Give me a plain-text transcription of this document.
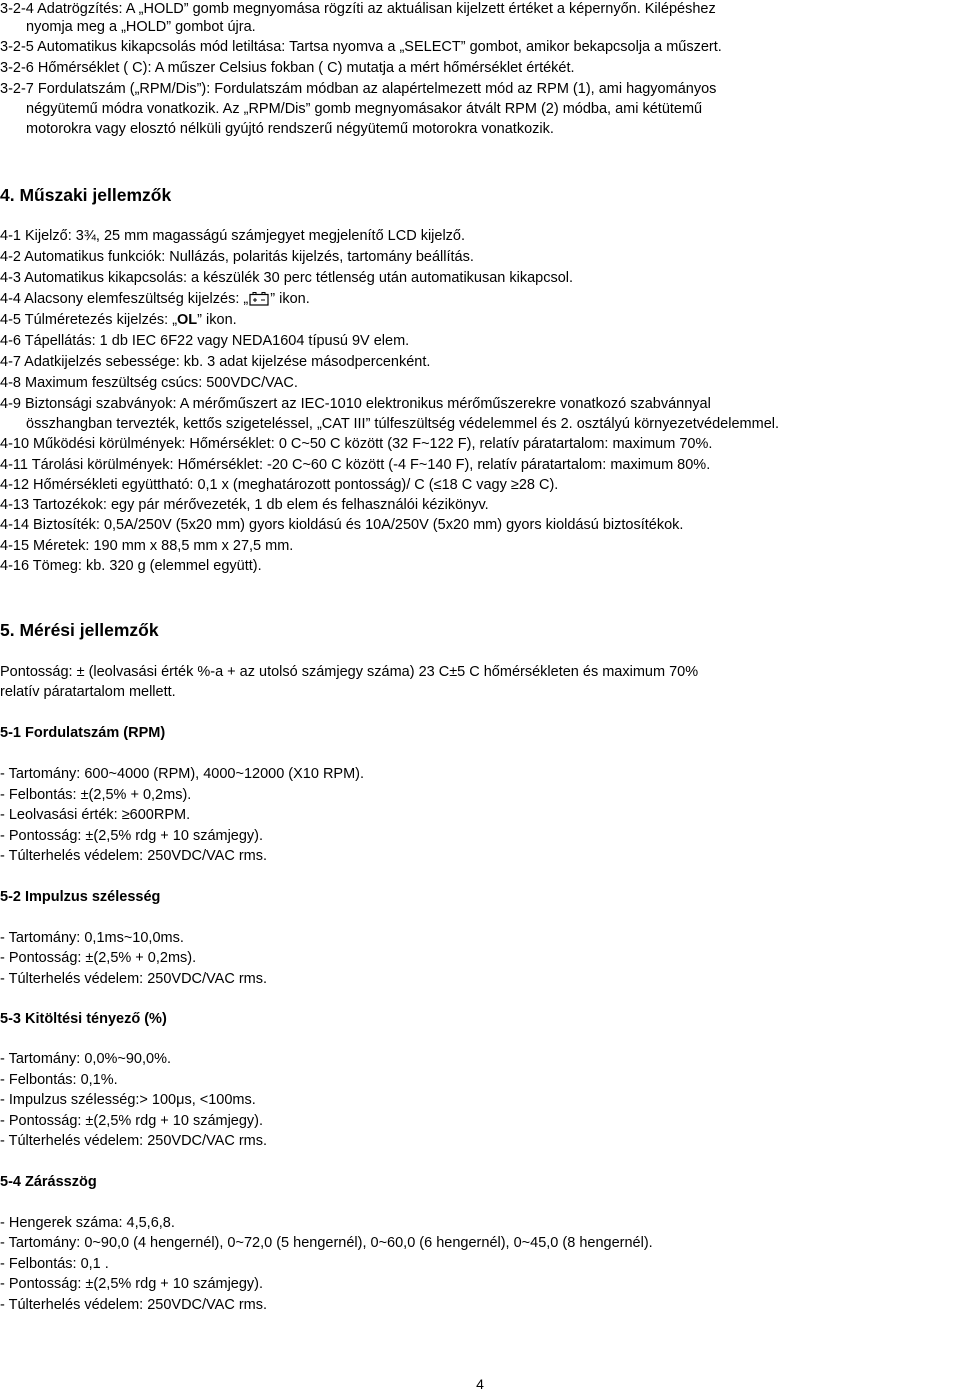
3-2-4 Adatrögzítés: A „HOLD” gomb megnyomása rögzíti az aktuálisan kijelzett értéket a képernyőn. Kilépéshez

nyomja meg a „HOLD” gombot újra.

3-2-5 Automatikus kikapcsolás mód letiltása: Tartsa nyomva a „SELECT” gombot, amikor bekapcsolja a műszert.

3-2-6 Hőmérséklet ( C): A műszer Celsius fokban ( C) mutatja a mért hőmérséklet értékét.

3-2-7 Fordulatszám („RPM/Dis”): Fordulatszám módban az alapértelmezett mód az RPM (1), ami hagyományos

négyütemű módra vonatkozik. Az „RPM/Dis” gomb megnyomásakor átvált RPM (2) módba, ami kétütemű

motorokra vagy elosztó nélküli gyújtó rendszerű négyütemű motorokra vonatkozik.

4. Műszaki jellemzők

4-1 Kijelző: 3¾, 25 mm magasságú számjegyet megjelenítő LCD kijelző.

4-2 Automatikus funkciók: Nullázás, polaritás kijelzés, tartomány beállítás.

4-3 Automatikus kikapcsolás: a készülék 30 perc tétlenség után automatikusan kikapcsol.

4-4 Alacsony elemfeszültség kijelzés: „ ” ikon.

4-5 Túlméretezés kijelzés: „OL” ikon.

4-6 Tápellátás: 1 db IEC 6F22 vagy NEDA1604 típusú 9V elem.

4-7 Adatkijelzés sebessége: kb. 3 adat kijelzése másodpercenként.

4-8 Maximum feszültség csúcs: 500VDC/VAC.

4-9 Biztonsági szabványok: A mérőműszert az IEC-1010 elektronikus mérőműszerekre vonatkozó szabvánnyal

összhangban tervezték, kettős szigeteléssel, „CAT III” túlfeszültség védelemmel és 2. osztályú környezetvédelemmel.

4-10 Működési körülmények: Hőmérséklet: 0 C~50 C között (32 F~122 F), relatív páratartalom: maximum 70%.

4-11 Tárolási körülmények: Hőmérséklet: -20 C~60 C között (-4 F~140 F), relatív páratartalom: maximum 80%.

4-12 Hőmérsékleti együttható: 0,1 x (meghatározott pontosság)/ C (≤18 C vagy ≥28 C).

4-13 Tartozékok: egy pár mérővezeték, 1 db elem és felhasználói kézikönyv.

4-14 Biztosíték: 0,5A/250V (5x20 mm) gyors kioldású és 10A/250V (5x20 mm) gyors kioldású biztosítékok.

4-15 Méretek: 190 mm x 88,5 mm x 27,5 mm.

4-16 Tömeg: kb. 320 g (elemmel együtt).

5. Mérési jellemzők

Pontosság: ± (leolvasási érték %-a + az utolsó számjegy száma) 23 C±5 C hőmérsékleten és maximum 70%

relatív páratartalom mellett.

5-1 Fordulatszám (RPM)

- Tartomány: 600~4000 (RPM), 4000~12000 (X10 RPM).

- Felbontás: ±(2,5% + 0,2ms).

- Leolvasási érték: ≥600RPM.

- Pontosság: ±(2,5% rdg + 10 számjegy).

- Túlterhelés védelem: 250VDC/VAC rms.

5-2 Impulzus szélesség

- Tartomány: 0,1ms~10,0ms.

- Pontosság: ±(2,5% + 0,2ms).

- Túlterhelés védelem: 250VDC/VAC rms.

5-3 Kitöltési tényező (%)

- Tartomány: 0,0%~90,0%.

- Felbontás: 0,1%.

- Impulzus szélesség:> 100μs, <100ms.

- Pontosság: ±(2,5% rdg + 10 számjegy).

- Túlterhelés védelem: 250VDC/VAC rms.

5-4 Zárásszög

- Hengerek száma: 4,5,6,8.

- Tartomány: 0~90,0 (4 hengernél), 0~72,0 (5 hengernél), 0~60,0 (6 hengernél), 0~45,0 (8 hengernél).

- Felbontás: 0,1 .

- Pontosság: ±(2,5% rdg + 10 számjegy).

- Túlterhelés védelem: 250VDC/VAC rms.

4
